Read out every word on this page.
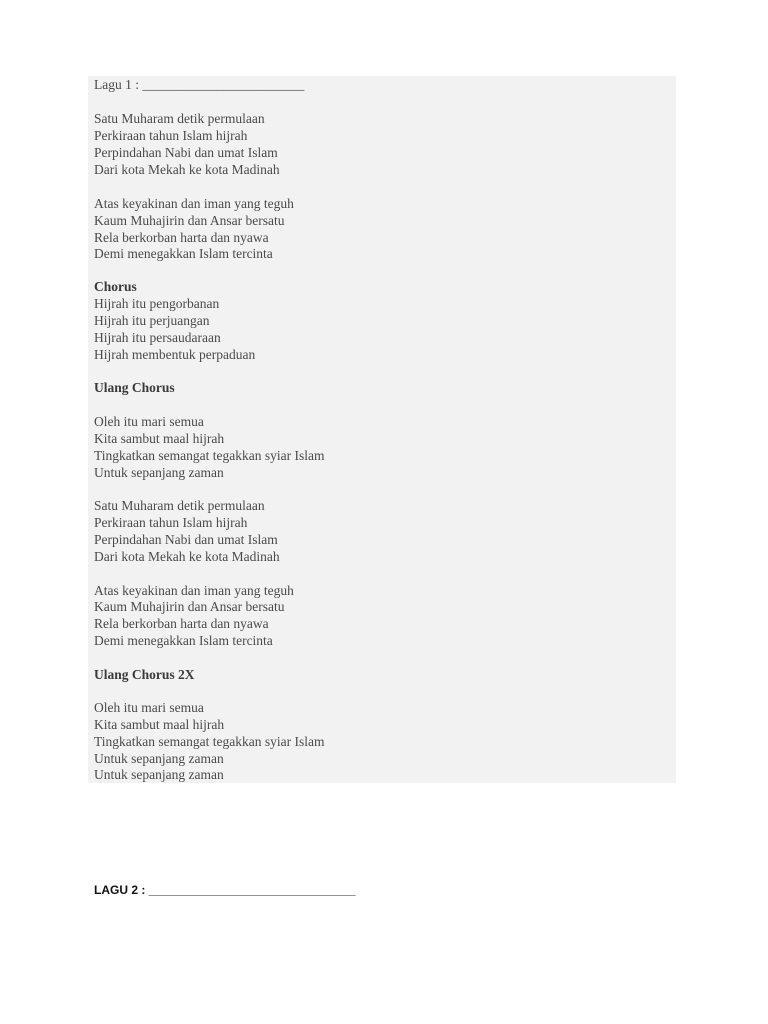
Lagu 1 : ________________________
Satu Muharam detik permulaan
Perkiraan tahun Islam hijrah
Perpindahan Nabi dan umat Islam
Dari kota Mekah ke kota Madinah
Atas keyakinan dan iman yang teguh
Kaum Muhajirin dan Ansar bersatu
Rela berkorban harta dan nyawa
Demi menegakkan Islam tercinta
Chorus
Hijrah itu pengorbanan
Hijrah itu perjuangan
Hijrah itu persaudaraan
Hijrah membentuk perpaduan
Ulang Chorus
Oleh itu mari semua
Kita sambut maal hijrah
Tingkatkan semangat tegakkan syiar Islam
Untuk sepanjang zaman
Satu Muharam detik permulaan
Perkiraan tahun Islam hijrah
Perpindahan Nabi dan umat Islam
Dari kota Mekah ke kota Madinah
Atas keyakinan dan iman yang teguh
Kaum Muhajirin dan Ansar bersatu
Rela berkorban harta dan nyawa
Demi menegakkan Islam tercinta
Ulang Chorus 2X
Oleh itu mari semua
Kita sambut maal hijrah
Tingkatkan semangat tegakkan syiar Islam
Untuk sepanjang zaman
Untuk sepanjang zaman
LAGU 2 : _______________________________
